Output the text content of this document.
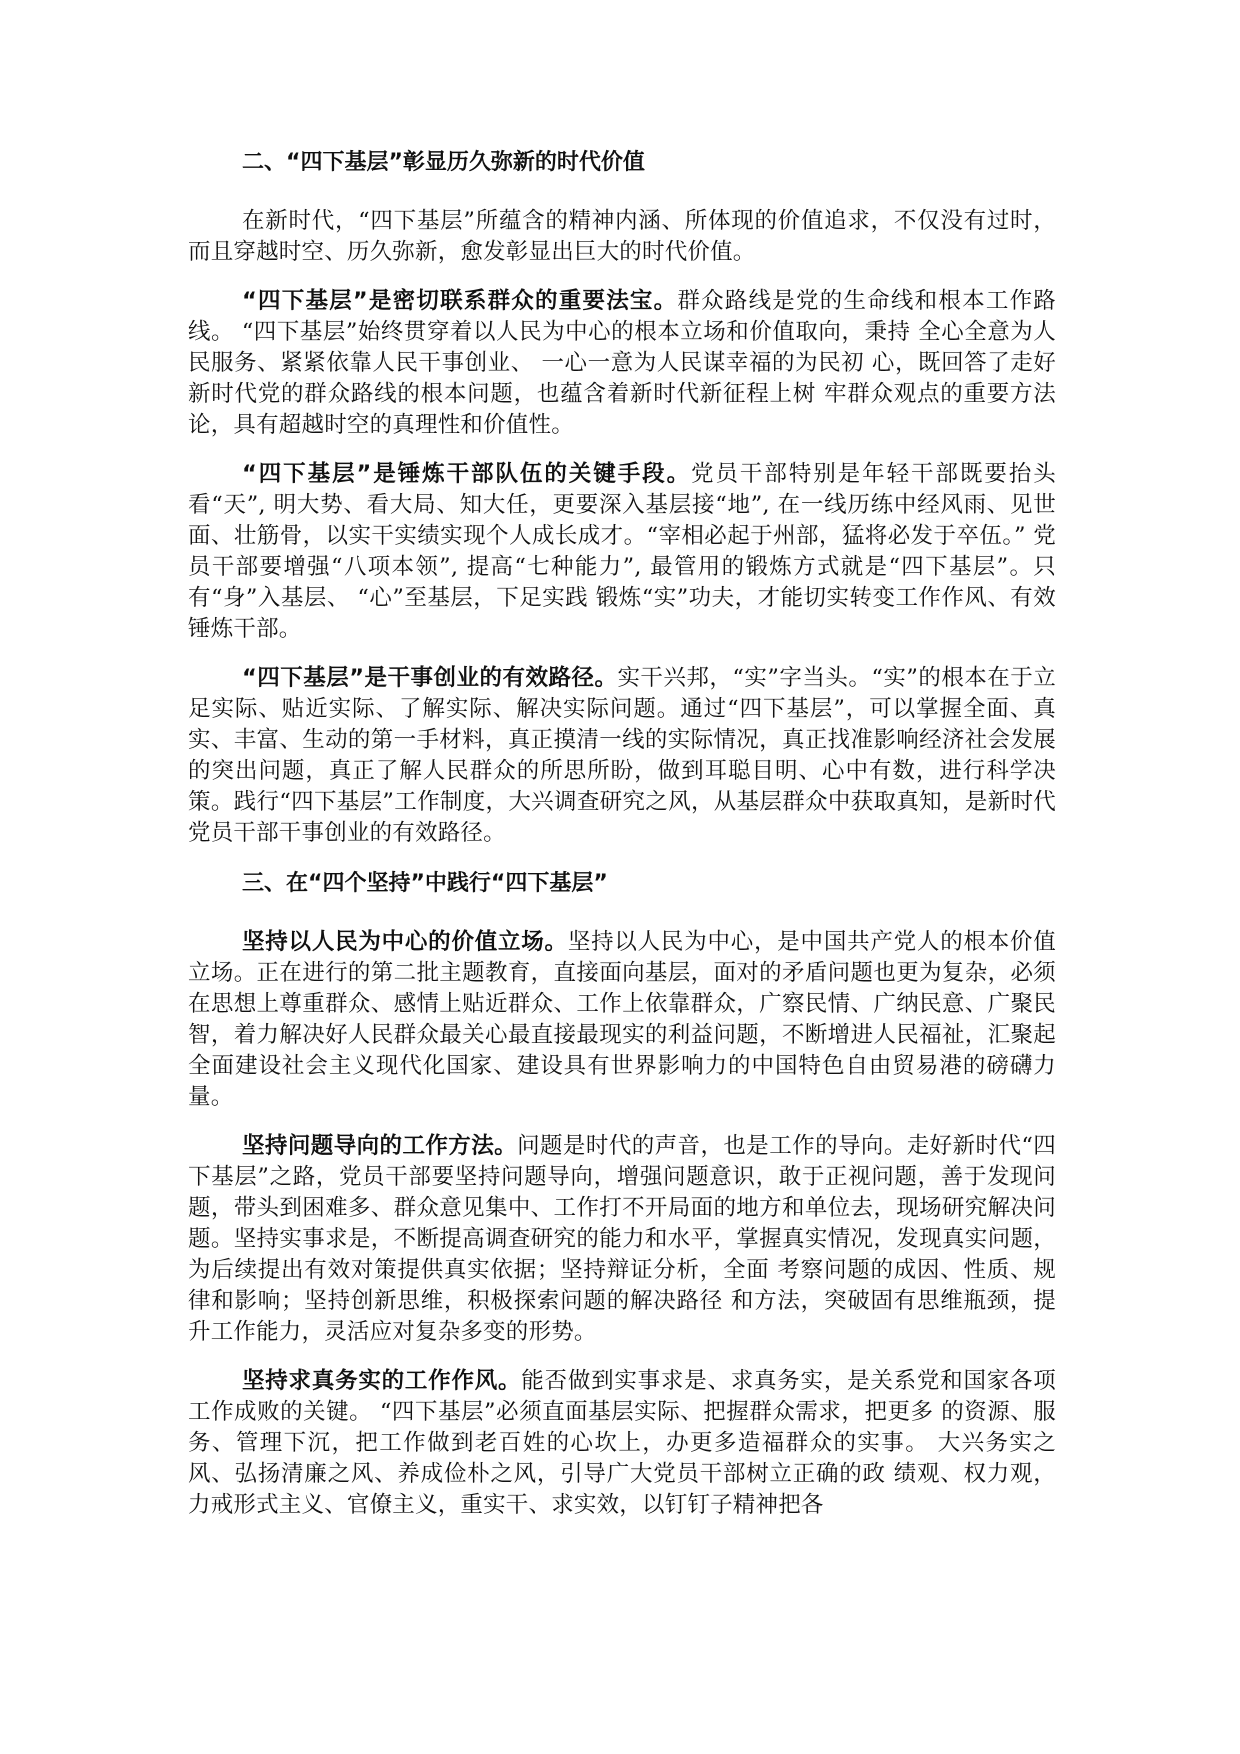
二、“四下基层”彰显历久弥新的时代价值

在新时代，“四下基层”所蕴含的精神内涵、所体现的价值追求，不仅没有过时，而且穿越时空、历久弥新，愈发彰显出巨大的时代价值。

“四下基层”是密切联系群众的重要法宝。群众路线是党的生命线和根本工作路线。 “四下基层”始终贯穿着以人民为中心的根本立场和价值取向，秉持 全心全意为人民服务、紧紧依靠人民干事创业、 一心一意为人民谋幸福的为民初 心，既回答了走好新时代党的群众路线的根本问题，也蕴含着新时代新征程上树 牢群众观点的重要方法论，具有超越时空的真理性和价值性。

“四下基层”是锤炼干部队伍的关键手段。党员干部特别是年轻干部既要抬头看“天”, 明大势、看大局、知大任，更要深入基层接“地”, 在一线历练中经风雨、见世面、壮筋骨，以实干实绩实现个人成长成才。“宰相必起于州部，猛将必发于卒伍。” 党员干部要增强“八项本领”, 提高“七种能力”, 最管用的锻炼方式就是“四下基层”。只有“身”入基层、 “心”至基层，下足实践 锻炼“实”功夫，才能切实转变工作作风、有效锤炼干部。

“四下基层”是干事创业的有效路径。实干兴邦，“实”字当头。“实”的根本在于立足实际、贴近实际、了解实际、解决实际问题。通过“四下基层”，可以掌握全面、真实、丰富、生动的第一手材料，真正摸清一线的实际情况，真正找准影响经济社会发展的突出问题，真正了解人民群众的所思所盼，做到耳聪目明、心中有数，进行科学决策。践行“四下基层”工作制度，大兴调查研究之风，从基层群众中获取真知，是新时代党员干部干事创业的有效路径。

三、在“四个坚持”中践行“四下基层”

坚持以人民为中心的价值立场。坚持以人民为中心，是中国共产党人的根本价值立场。正在进行的第二批主题教育，直接面向基层，面对的矛盾问题也更为复杂，必须在思想上尊重群众、感情上贴近群众、工作上依靠群众，广察民情、广纳民意、广聚民智，着力解决好人民群众最关心最直接最现实的利益问题，不断增进人民福祉，汇聚起全面建设社会主义现代化国家、建设具有世界影响力的中国特色自由贸易港的磅礴力量。

坚持问题导向的工作方法。问题是时代的声音，也是工作的导向。走好新时代“四下基层”之路，党员干部要坚持问题导向，增强问题意识，敢于正视问题，善于发现问题，带头到困难多、群众意见集中、工作打不开局面的地方和单位去，现场研究解决问题。坚持实事求是，不断提高调查研究的能力和水平，掌握真实情况，发现真实问题，为后续提出有效对策提供真实依据；坚持辩证分析，全面 考察问题的成因、性质、规律和影响；坚持创新思维，积极探索问题的解决路径 和方法，突破固有思维瓶颈，提升工作能力，灵活应对复杂多变的形势。

坚持求真务实的工作作风。能否做到实事求是、求真务实，是关系党和国家各项工作成败的关键。 “四下基层”必须直面基层实际、把握群众需求，把更多 的资源、服务、管理下沉，把工作做到老百姓的心坎上，办更多造福群众的实事。 大兴务实之风、弘扬清廉之风、养成俭朴之风，引导广大党员干部树立正确的政 绩观、权力观，力戒形式主义、官僚主义，重实干、求实效，以钉钉子精神把各
